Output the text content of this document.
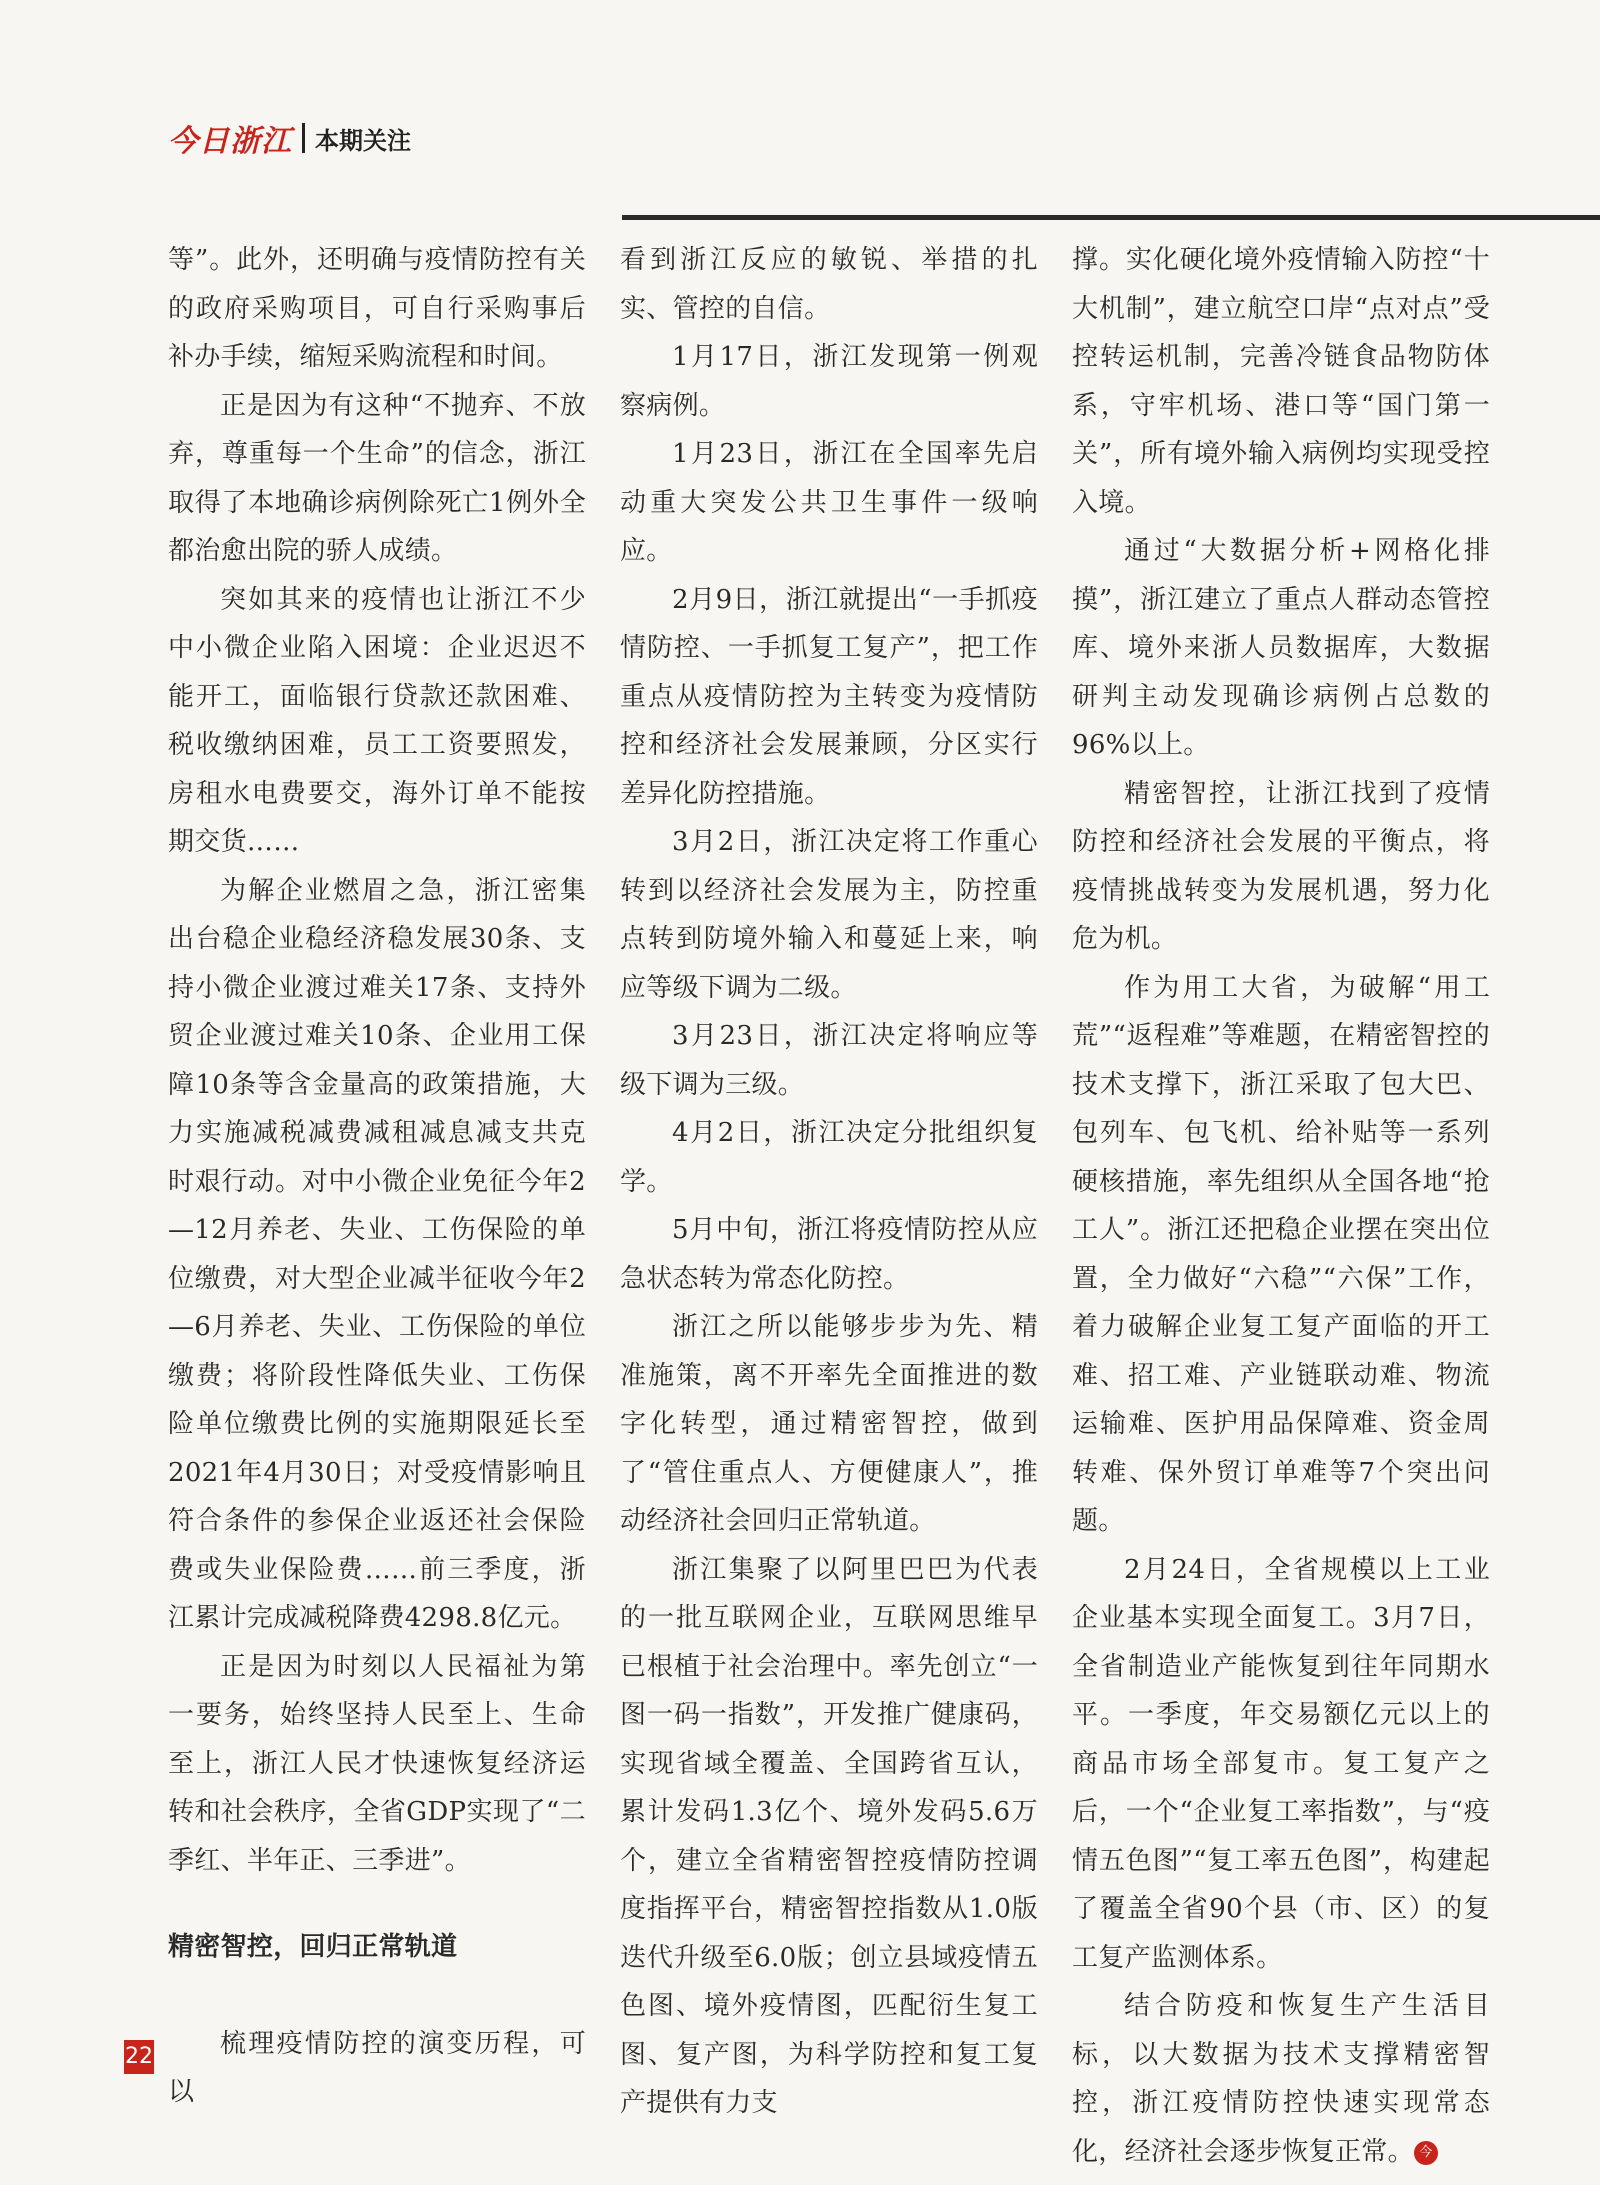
今日浙江 本期关注

等”。此外，还明确与疫情防控有关的政府采购项目，可自行采购事后补办手续，缩短采购流程和时间。

正是因为有这种“不抛弃、不放弃，尊重每一个生命”的信念，浙江取得了本地确诊病例除死亡1例外全都治愈出院的骄人成绩。

突如其来的疫情也让浙江不少中小微企业陷入困境：企业迟迟不能开工，面临银行贷款还款困难、税收缴纳困难，员工工资要照发，房租水电费要交，海外订单不能按期交货……

为解企业燃眉之急，浙江密集出台稳企业稳经济稳发展30条、支持小微企业渡过难关17条、支持外贸企业渡过难关10条、企业用工保障10条等含金量高的政策措施，大力实施减税减费减租减息减支共克时艰行动。对中小微企业免征今年2—12月养老、失业、工伤保险的单位缴费，对大型企业减半征收今年2—6月养老、失业、工伤保险的单位缴费；将阶段性降低失业、工伤保险单位缴费比例的实施期限延长至2021年4月30日；对受疫情影响且符合条件的参保企业返还社会保险费或失业保险费……前三季度，浙江累计完成减税降费4298.8亿元。

正是因为时刻以人民福祉为第一要务，始终坚持人民至上、生命至上，浙江人民才快速恢复经济运转和社会秩序，全省GDP实现了“二季红、半年正、三季进”。

精密智控，回归正常轨道

梳理疫情防控的演变历程，可以

看到浙江反应的敏锐、举措的扎实、管控的自信。

1月17日，浙江发现第一例观察病例。

1月23日，浙江在全国率先启动重大突发公共卫生事件一级响应。

2月9日，浙江就提出“一手抓疫情防控、一手抓复工复产”，把工作重点从疫情防控为主转变为疫情防控和经济社会发展兼顾，分区实行差异化防控措施。

3月2日，浙江决定将工作重心转到以经济社会发展为主，防控重点转到防境外输入和蔓延上来，响应等级下调为二级。

3月23日，浙江决定将响应等级下调为三级。

4月2日，浙江决定分批组织复学。

5月中旬，浙江将疫情防控从应急状态转为常态化防控。

浙江之所以能够步步为先、精准施策，离不开率先全面推进的数字化转型，通过精密智控，做到了“管住重点人、方便健康人”，推动经济社会回归正常轨道。

浙江集聚了以阿里巴巴为代表的一批互联网企业，互联网思维早已根植于社会治理中。率先创立“一图一码一指数”，开发推广健康码，实现省域全覆盖、全国跨省互认，累计发码1.3亿个、境外发码5.6万个，建立全省精密智控疫情防控调度指挥平台，精密智控指数从1.0版迭代升级至6.0版；创立县域疫情五色图、境外疫情图，匹配衍生复工图、复产图，为科学防控和复工复产提供有力支

撑。实化硬化境外疫情输入防控“十大机制”，建立航空口岸“点对点”受控转运机制，完善冷链食品物防体系，守牢机场、港口等“国门第一关”，所有境外输入病例均实现受控入境。

通过“大数据分析+网格化排摸”，浙江建立了重点人群动态管控库、境外来浙人员数据库，大数据研判主动发现确诊病例占总数的96%以上。

精密智控，让浙江找到了疫情防控和经济社会发展的平衡点，将疫情挑战转变为发展机遇，努力化危为机。

作为用工大省，为破解“用工荒”“返程难”等难题，在精密智控的技术支撑下，浙江采取了包大巴、包列车、包飞机、给补贴等一系列硬核措施，率先组织从全国各地“抢工人”。浙江还把稳企业摆在突出位置，全力做好“六稳”“六保”工作，着力破解企业复工复产面临的开工难、招工难、产业链联动难、物流运输难、医护用品保障难、资金周转难、保外贸订单难等7个突出问题。

2月24日，全省规模以上工业企业基本实现全面复工。3月7日，全省制造业产能恢复到往年同期水平。一季度，年交易额亿元以上的商品市场全部复市。复工复产之后，一个“企业复工率指数”，与“疫情五色图”“复工率五色图”，构建起了覆盖全省90个县（市、区）的复工复产监测体系。

结合防疫和恢复生产生活目标，以大数据为技术支撑精密智控，浙江疫情防控快速实现常态化，经济社会逐步恢复正常。 今

22
